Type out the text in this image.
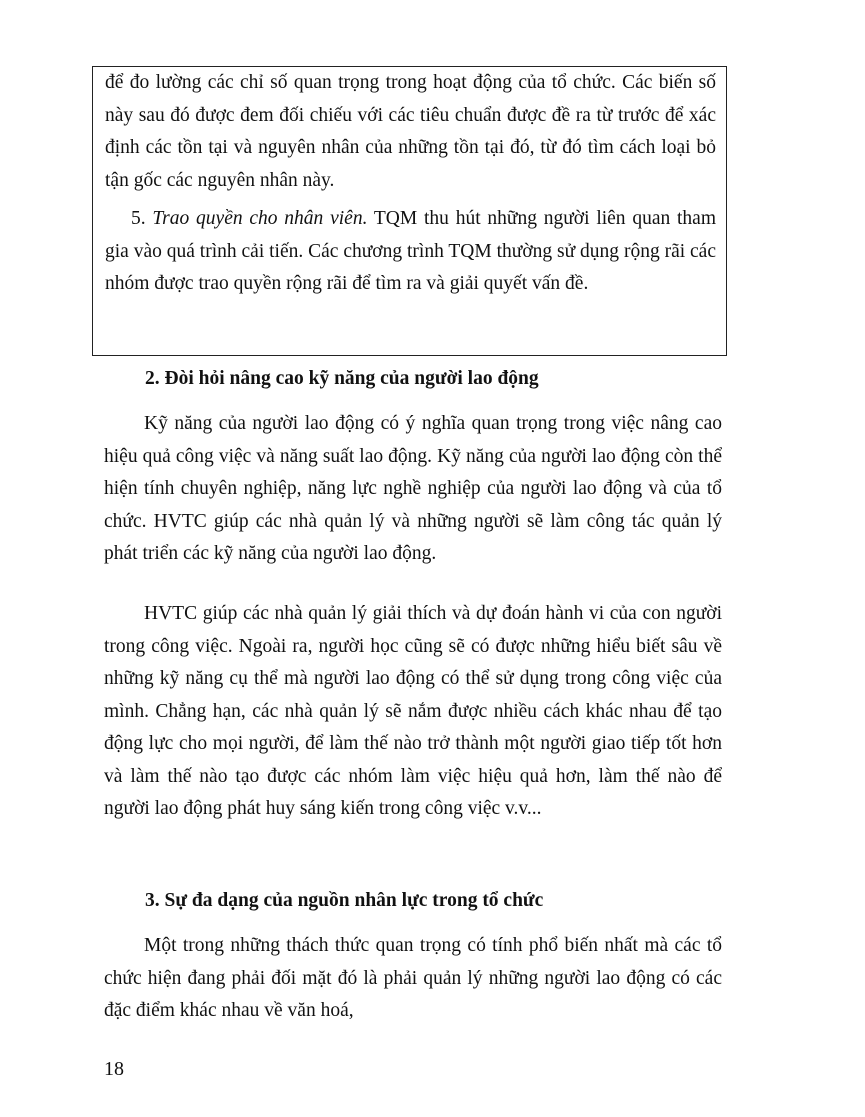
để đo lường các chỉ số quan trọng trong hoạt động của tổ chức. Các biến số này sau đó được đem đối chiếu với các tiêu chuẩn được đề ra từ trước để xác định các tồn tại và nguyên nhân của những tồn tại đó, từ đó tìm cách loại bỏ tận gốc các nguyên nhân này.

5. Trao quyền cho nhân viên. TQM thu hút những người liên quan tham gia vào quá trình cải tiến. Các chương trình TQM thường sử dụng rộng rãi các nhóm được trao quyền rộng rãi để tìm ra và giải quyết vấn đề.

2. Đòi hỏi nâng cao kỹ năng của người lao động

Kỹ năng của người lao động có ý nghĩa quan trọng trong việc nâng cao hiệu quả công việc và năng suất lao động. Kỹ năng của người lao động còn thể hiện tính chuyên nghiệp, năng lực nghề nghiệp của người lao động và của tổ chức. HVTC giúp các nhà quản lý và những người sẽ làm công tác quản lý phát triển các kỹ năng của người lao động.

HVTC giúp các nhà quản lý giải thích và dự đoán hành vi của con người trong công việc. Ngoài ra, người học cũng sẽ có được những hiểu biết sâu về những kỹ năng cụ thể mà người lao động có thể sử dụng trong công việc của mình. Chẳng hạn, các nhà quản lý sẽ nắm được nhiều cách khác nhau để tạo động lực cho mọi người, để làm thế nào trở thành một người giao tiếp tốt hơn và làm thế nào tạo được các nhóm làm việc hiệu quả hơn, làm thế nào để người lao động phát huy sáng kiến trong công việc v.v...

3. Sự đa dạng của nguồn nhân lực trong tổ chức

Một trong những thách thức quan trọng có tính phổ biến nhất mà các tổ chức hiện đang phải đối mặt đó là phải quản lý những người lao động có các đặc điểm khác nhau về văn hoá,

18
